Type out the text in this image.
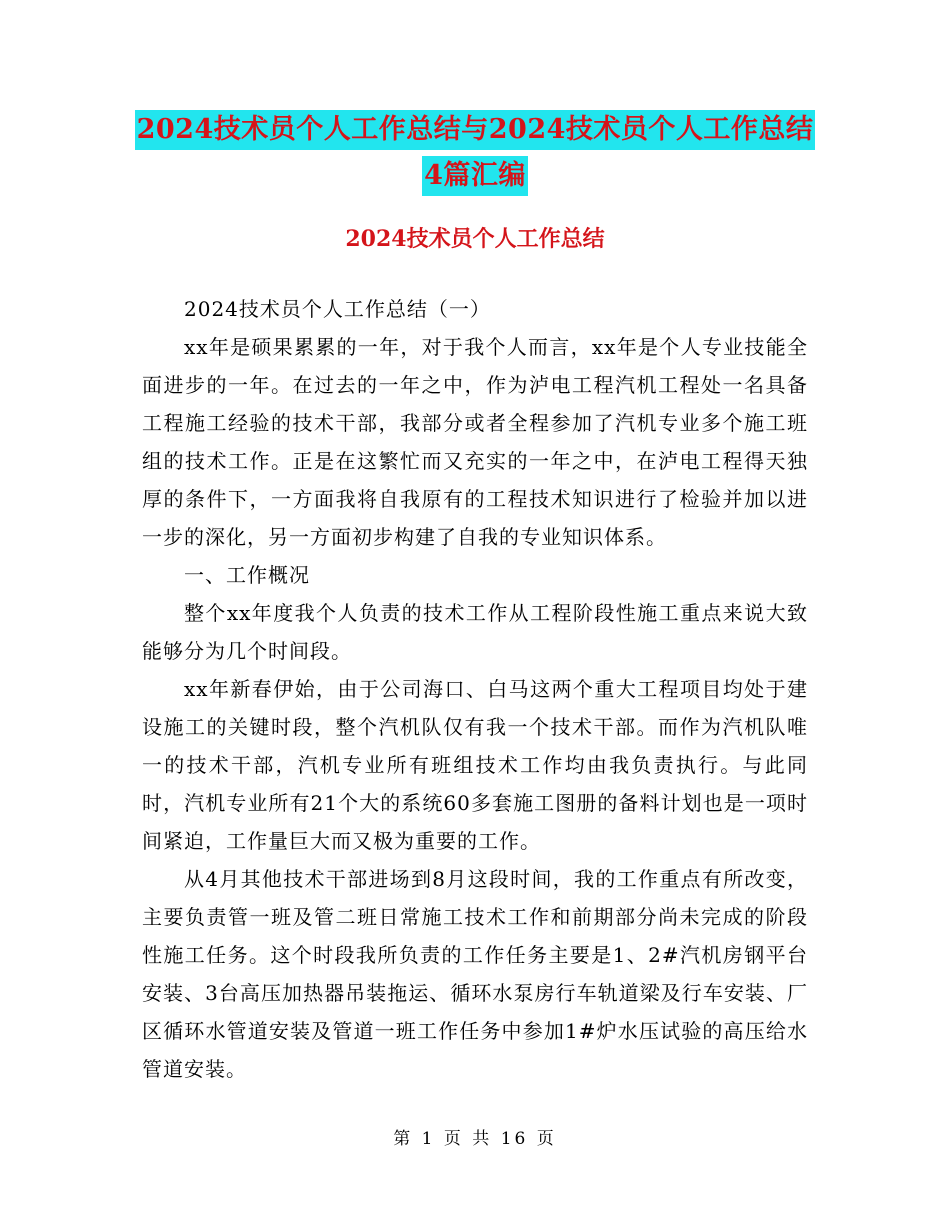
2024技术员个人工作总结与2024技术员个人工作总结
4篇汇编
2024技术员个人工作总结

2024技术员个人工作总结（一）

xx年是硕果累累的一年，对于我个人而言，xx年是个人专业技能全面进步的一年。在过去的一年之中，作为泸电工程汽机工程处一名具备工程施工经验的技术干部，我部分或者全程参加了汽机专业多个施工班组的技术工作。正是在这繁忙而又充实的一年之中，在泸电工程得天独厚的条件下，一方面我将自我原有的工程技术知识进行了检验并加以进一步的深化，另一方面初步构建了自我的专业知识体系。

一、工作概况

整个xx年度我个人负责的技术工作从工程阶段性施工重点来说大致能够分为几个时间段。

xx年新春伊始，由于公司海口、白马这两个重大工程项目均处于建设施工的关键时段，整个汽机队仅有我一个技术干部。而作为汽机队唯一的技术干部，汽机专业所有班组技术工作均由我负责执行。与此同时，汽机专业所有21个大的系统60多套施工图册的备料计划也是一项时间紧迫，工作量巨大而又极为重要的工作。

从4月其他技术干部进场到8月这段时间，我的工作重点有所改变，主要负责管一班及管二班日常施工技术工作和前期部分尚未完成的阶段性施工任务。这个时段我所负责的工作任务主要是1、2#汽机房钢平台安装、3台高压加热器吊装拖运、循环水泵房行车轨道梁及行车安装、厂区循环水管道安装及管道一班工作任务中参加1#炉水压试验的高压给水管道安装。

第 1 页 共 16 页
